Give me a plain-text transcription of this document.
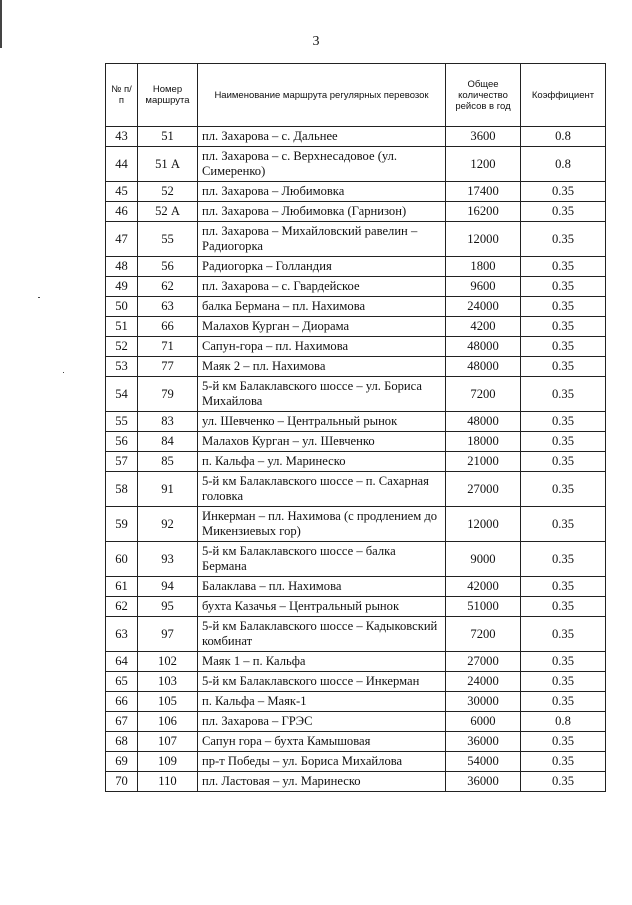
3
№ п/п	Номер маршрута	Наименование маршрута регулярных перевозок	Общее количество рейсов в год	Коэффициент
43	51	пл. Захарова – с. Дальнее	3600	0.8
44	51 А	пл. Захарова – с. Верхнесадовое (ул. Симеренко)	1200	0.8
45	52	пл. Захарова – Любимовка	17400	0.35
46	52 А	пл. Захарова – Любимовка (Гарнизон)	16200	0.35
47	55	пл. Захарова – Михайловский равелин – Радиогорка	12000	0.35
48	56	Радиогорка – Голландия	1800	0.35
49	62	пл. Захарова – с. Гвардейское	9600	0.35
50	63	балка Бермана – пл. Нахимова	24000	0.35
51	66	Малахов Курган – Диорама	4200	0.35
52	71	Сапун-гора – пл. Нахимова	48000	0.35
53	77	Маяк 2 – пл. Нахимова	48000	0.35
54	79	5-й км Балаклавского шоссе – ул. Бориса Михайлова	7200	0.35
55	83	ул. Шевченко – Центральный рынок	48000	0.35
56	84	Малахов Курган – ул. Шевченко	18000	0.35
57	85	п. Кальфа – ул. Маринеско	21000	0.35
58	91	5-й км Балаклавского шоссе – п. Сахарная головка	27000	0.35
59	92	Инкерман – пл. Нахимова (с продлением до Микензиевых гор)	12000	0.35
60	93	5-й км Балаклавского шоссе – балка Бермана	9000	0.35
61	94	Балаклава – пл. Нахимова	42000	0.35
62	95	бухта Казачья – Центральный рынок	51000	0.35
63	97	5-й км Балаклавского шоссе – Кадыковский комбинат	7200	0.35
64	102	Маяк 1 – п. Кальфа	27000	0.35
65	103	5-й км Балаклавского шоссе – Инкерман	24000	0.35
66	105	п. Кальфа – Маяк-1	30000	0.35
67	106	пл. Захарова – ГРЭС	6000	0.8
68	107	Сапун гора – бухта Камышовая	36000	0.35
69	109	пр-т Победы – ул. Бориса Михайлова	54000	0.35
70	110	пл. Ластовая – ул. Маринеско	36000	0.35
